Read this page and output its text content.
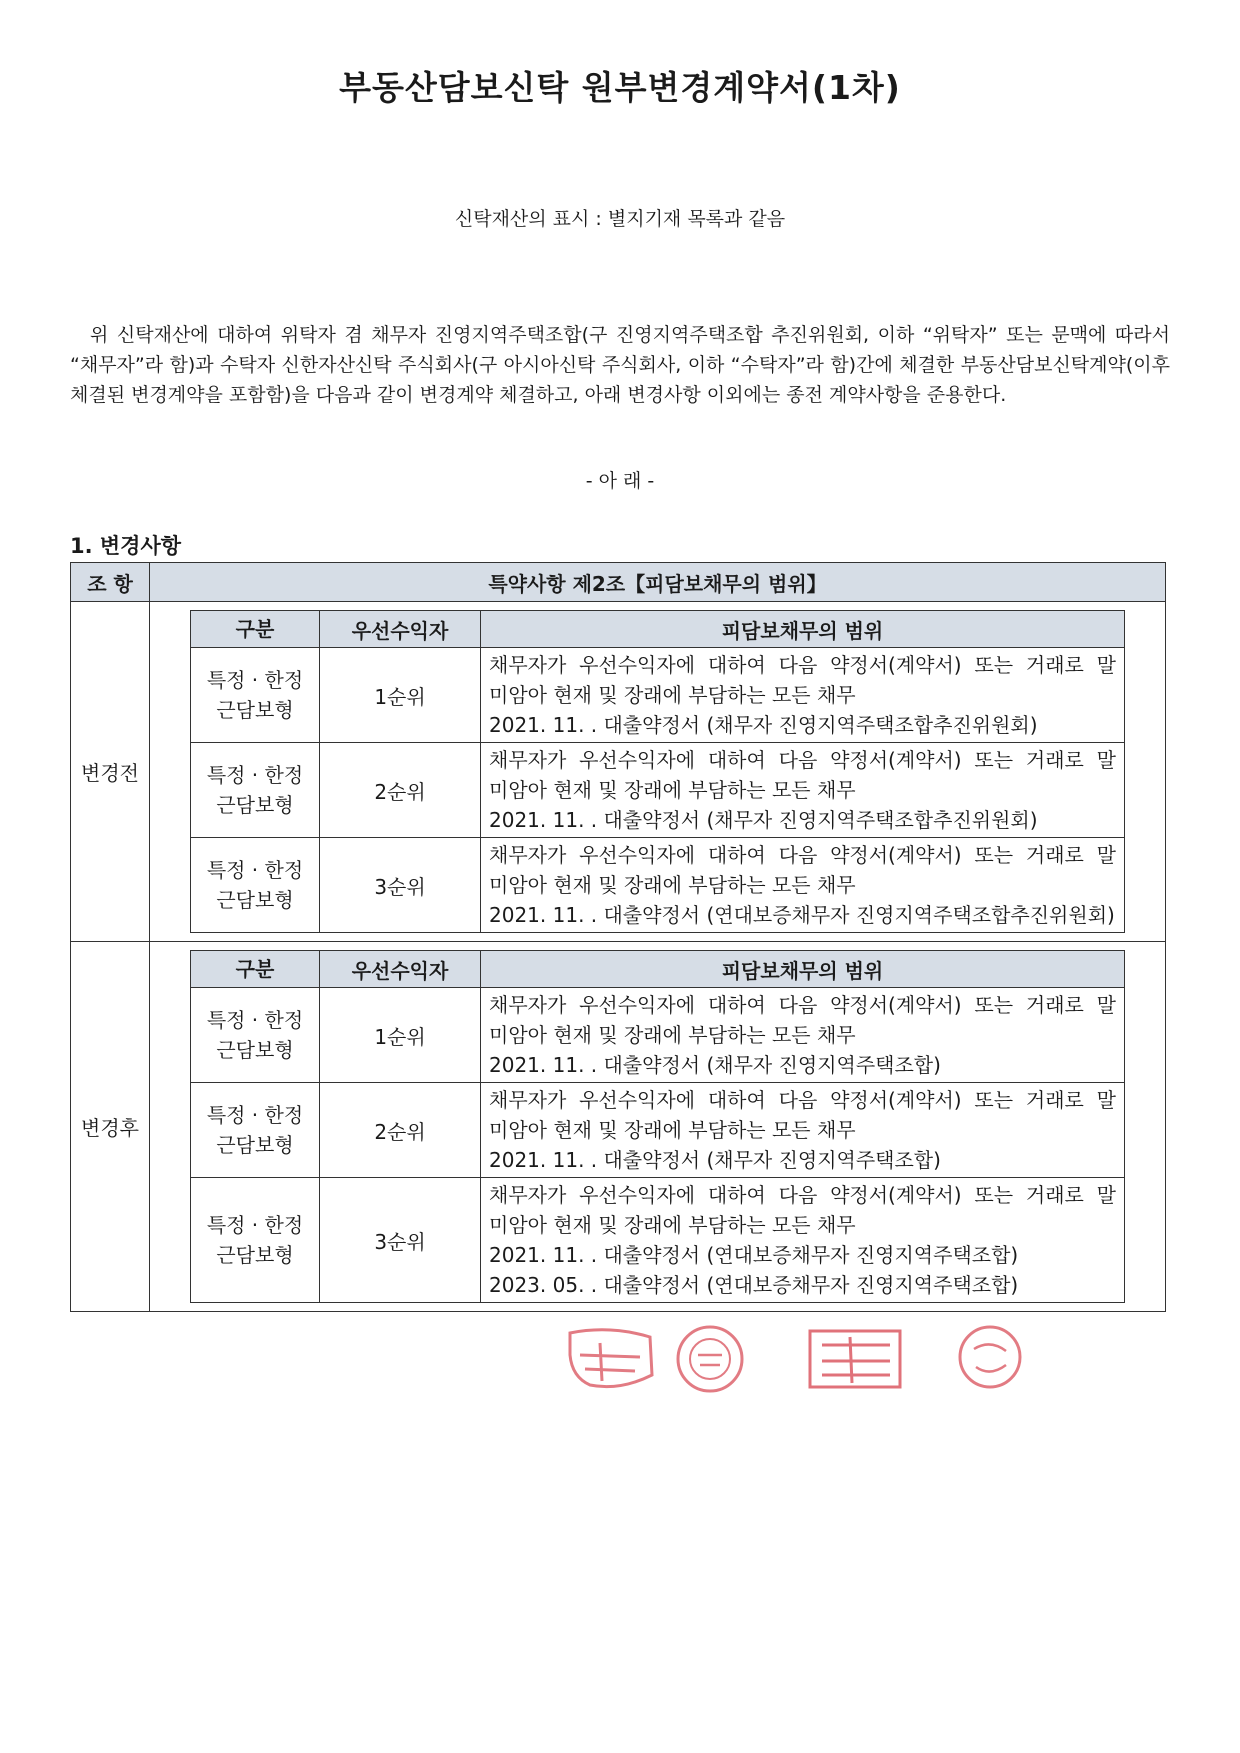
부동산담보신탁 원부변경계약서(1차)
신탁재산의 표시 : 별지기재 목록과 같음
위 신탁재산에 대하여 위탁자 겸 채무자 진영지역주택조합(구 진영지역주택조합 추진위원회, 이하 “위탁자” 또는 문맥에 따라서 “채무자”라 함)과 수탁자 신한자산신탁 주식회사(구 아시아신탁 주식회사, 이하 “수탁자”라 함)간에 체결한 부동산담보신탁계약(이후 체결된 변경계약을 포함함)을 다음과 같이 변경계약 체결하고, 아래 변경사항 이외에는 종전 계약사항을 준용한다.
- 아 래 -
1. 변경사항
조 항	특약사항 제2조【피담보채무의 범위】
변경전	
구분	우선수익자	피담보채무의 범위
특정 · 한정
근담보형	1순위	
채무자가 우선수익자에 대하여 다음 약정서(계약서) 또는 거래로 말
미암아 현재 및 장래에 부담하는 모든 채무
2021. 11. . 대출약정서 (채무자 진영지역주택조합추진위원회)

특정 · 한정
근담보형	2순위	
채무자가 우선수익자에 대하여 다음 약정서(계약서) 또는 거래로 말
미암아 현재 및 장래에 부담하는 모든 채무
2021. 11. . 대출약정서 (채무자 진영지역주택조합추진위원회)

특정 · 한정
근담보형	3순위	
채무자가 우선수익자에 대하여 다음 약정서(계약서) 또는 거래로 말
미암아 현재 및 장래에 부담하는 모든 채무
2021. 11. . 대출약정서 (연대보증채무자 진영지역주택조합추진위원회)

변경후	
구분	우선수익자	피담보채무의 범위
특정 · 한정
근담보형	1순위	
채무자가 우선수익자에 대하여 다음 약정서(계약서) 또는 거래로 말
미암아 현재 및 장래에 부담하는 모든 채무
2021. 11. . 대출약정서 (채무자 진영지역주택조합)

특정 · 한정
근담보형	2순위	
채무자가 우선수익자에 대하여 다음 약정서(계약서) 또는 거래로 말
미암아 현재 및 장래에 부담하는 모든 채무
2021. 11. . 대출약정서 (채무자 진영지역주택조합)

특정 · 한정
근담보형	3순위	
채무자가 우선수익자에 대하여 다음 약정서(계약서) 또는 거래로 말
미암아 현재 및 장래에 부담하는 모든 채무
2021. 11. . 대출약정서 (연대보증채무자 진영지역주택조합)
2023. 05. . 대출약정서 (연대보증채무자 진영지역주택조합)
